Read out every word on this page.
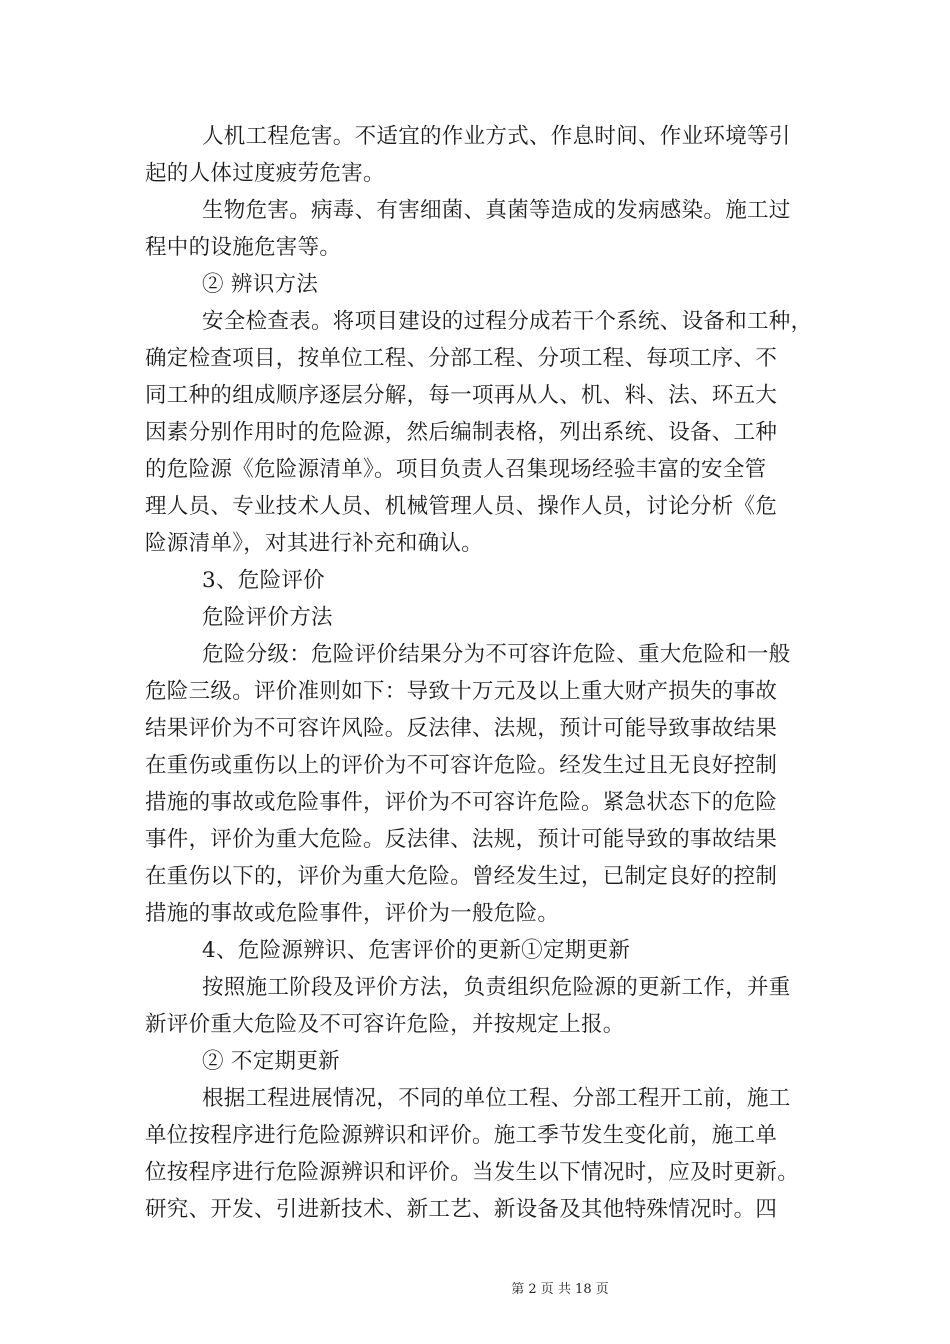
人机工程危害。不适宜的作业方式、作息时间、作业环境等引
起的人体过度疲劳危害。
生物危害。病毒、有害细菌、真菌等造成的发病感染。施工过
程中的设施危害等。
② 辨识方法
安全检查表。将项目建设的过程分成若干个系统、设备和工种，
确定检查项目，按单位工程、分部工程、分项工程、每项工序、不
同工种的组成顺序逐层分解，每一项再从人、机、料、法、环五大
因素分别作用时的危险源，然后编制表格，列出系统、设备、工种
的危险源《危险源清单》。项目负责人召集现场经验丰富的安全管
理人员、专业技术人员、机械管理人员、操作人员，讨论分析《危
险源清单》，对其进行补充和确认。
3、危险评价
危险评价方法
危险分级：危险评价结果分为不可容许危险、重大危险和一般
危险三级。评价准则如下：导致十万元及以上重大财产损失的事故
结果评价为不可容许风险。反法律、法规，预计可能导致事故结果
在重伤或重伤以上的评价为不可容许危险。经发生过且无良好控制
措施的事故或危险事件，评价为不可容许危险。紧急状态下的危险
事件，评价为重大危险。反法律、法规，预计可能导致的事故结果
在重伤以下的，评价为重大危险。曾经发生过，已制定良好的控制
措施的事故或危险事件，评价为一般危险。
4、危险源辨识、危害评价的更新①定期更新
按照施工阶段及评价方法，负责组织危险源的更新工作，并重
新评价重大危险及不可容许危险，并按规定上报。
② 不定期更新
根据工程进展情况，不同的单位工程、分部工程开工前，施工
单位按程序进行危险源辨识和评价。施工季节发生变化前，施工单
位按程序进行危险源辨识和评价。当发生以下情况时，应及时更新。
研究、开发、引进新技术、新工艺、新设备及其他特殊情况时。四
第 2 页 共 18 页
